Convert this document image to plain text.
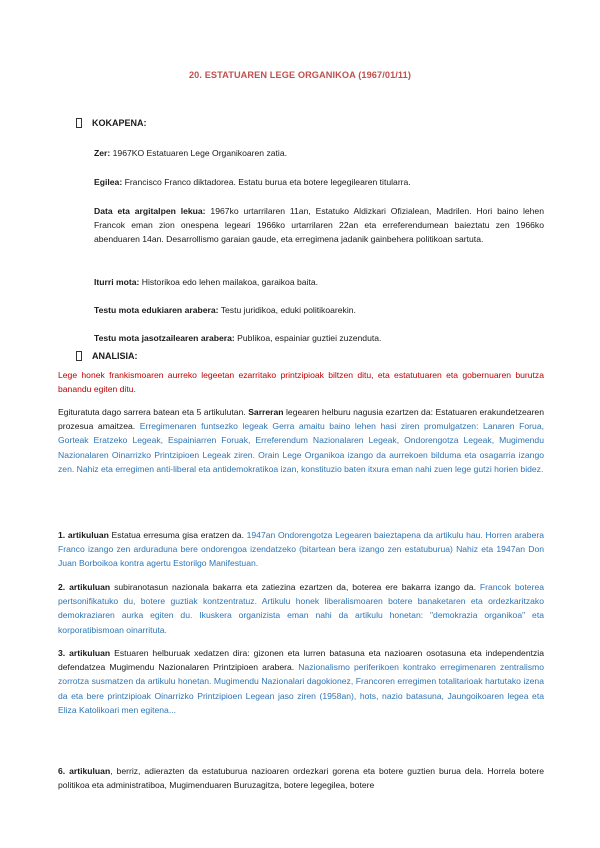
20. ESTATUAREN LEGE ORGANIKOA (1967/01/11)
KOKAPENA:
Zer: 1967KO Estatuaren Lege Organikoaren zatia.
Egilea: Francisco Franco diktadorea. Estatu burua eta botere legegilearen titularra.
Data eta argitalpen lekua: 1967ko urtarrilaren 11an, Estatuko Aldizkari Ofizialean, Madrilen. Hori baino lehen Francok eman zion onespena legeari 1966ko urtarrilaren 22an eta erreferendumean baieztatu zen 1966ko abenduaren 14an. Desarrollismo garaian gaude, eta erregimena jadanik gainbehera politikoan sartuta.
Iturri mota: Historikoa edo lehen mailakoa, garaikoa baita.
Testu mota edukiaren arabera: Testu juridikoa, eduki politikoarekin.
Testu mota jasotzailearen arabera: Publikoa, espainiar guztiei zuzenduta.
ANALISIA:
Lege honek frankismoaren aurreko legeetan ezarritako printzipioak biltzen ditu, eta estatutuaren eta gobernuaren burutza banandu egiten ditu.
Egituratuta dago sarrera batean eta 5 artikulutan. Sarreran legearen helburu nagusia ezartzen da: Estatuaren erakundetzearen prozesua amaitzea. Erregimenaren funtsezko legeak Gerra amaitu baino lehen hasi ziren promulgatzen: Lanaren Forua, Gorteak Eratzeko Legeak, Espainiarren Foruak, Erreferendum Nazionalaren Legeak, Ondorengotza Legeak, Mugimendu Nazionalaren Oinarrizko Printzipioen Legeak ziren. Orain Lege Organikoa izango da aurrekoen bilduma eta osagarria izango zen. Nahiz eta erregimen anti-liberal eta antidemokratikoa izan, konstituzio baten itxura eman nahi zuen lege gutzi horien bidez.
1. artikuluan Estatua erresuma gisa eratzen da. 1947an Ondorengotza Legearen baieztapena da artikulu hau. Horren arabera Franco izango zen arduraduna bere ondorengoa izendatzeko (bitartean bera izango zen estatuburua) Nahiz eta 1947an Don Juan Borboikoa kontra agertu Estorilgo Manifestuan.
2. artikuluan subiranotasun nazionala bakarra eta zatiezina ezartzen da, boterea ere bakarra izango da. Francok boterea pertsonifikatuko du, botere guztiak kontzentratuz. Artikulu honek liberalismoaren botere banaketaren eta ordezkaritzako demokraziaren aurka egiten du. Ikuskera organizista eman nahi da artikulu honetan: "demokrazia organikoa" eta korporatibismoan oinarrituta.
3. artikuluan Estuaren helburuak xedatzen dira: gizonen eta lurren batasuna eta nazioaren osotasuna eta independentzia defendatzea Mugimendu Nazionalaren Printzipioen arabera. Nazionalismo periferikoen kontrako erregimenaren zentralismo zorrotza susmatzen da artikulu honetan. Mugimendu Nazionalari dagokionez, Francoren erregimen totalitarioak hartutako izena da eta bere printzipioak Oinarrizko Printzipioen Legean jaso ziren (1958an), hots, nazio batasuna, Jaungoikoaren legea eta Eliza Katolikoari men egitena...
6. artikuluan, berriz, adierazten da estatuburua nazioaren ordezkari gorena eta botere guztien burua dela. Horrela botere politikoa eta administratiboa, Mugimenduaren Buruzagitza, botere legegilea, botere
